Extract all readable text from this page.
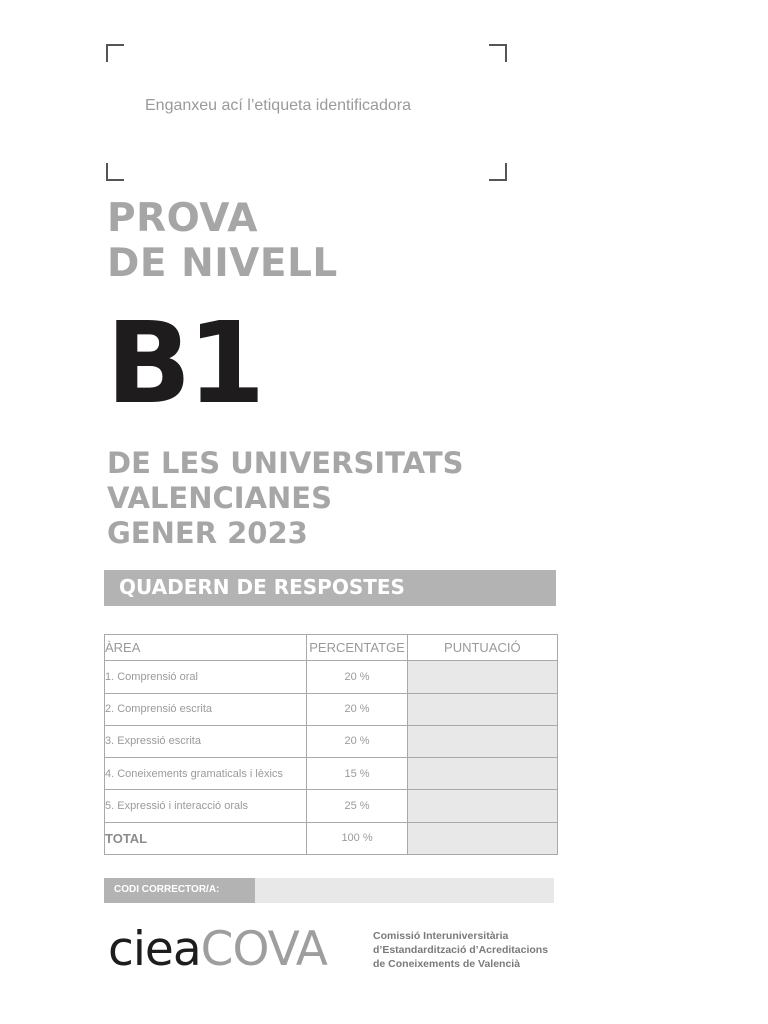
Enganxeu ací l’etiqueta identificadora
PROVA
DE NIVELL
B1
DE LES UNIVERSITATS
VALENCIANES
GENER 2023
QUADERN DE RESPOSTES
ÀREA	PERCENTATGE	PUNTUACIÓ
1. Comprensió oral	20 %	
2. Comprensió escrita	20 %	
3. Expressió escrita	20 %	
4. Coneixements gramaticals i lèxics	15 %	
5. Expressió i interacció orals	25 %	
TOTAL	100 %	
CODI CORRECTOR/A:
cieaCOVA	Comissió Interuniversitària
d’Estandardització d’Acreditacions
de Coneixements de Valencià
